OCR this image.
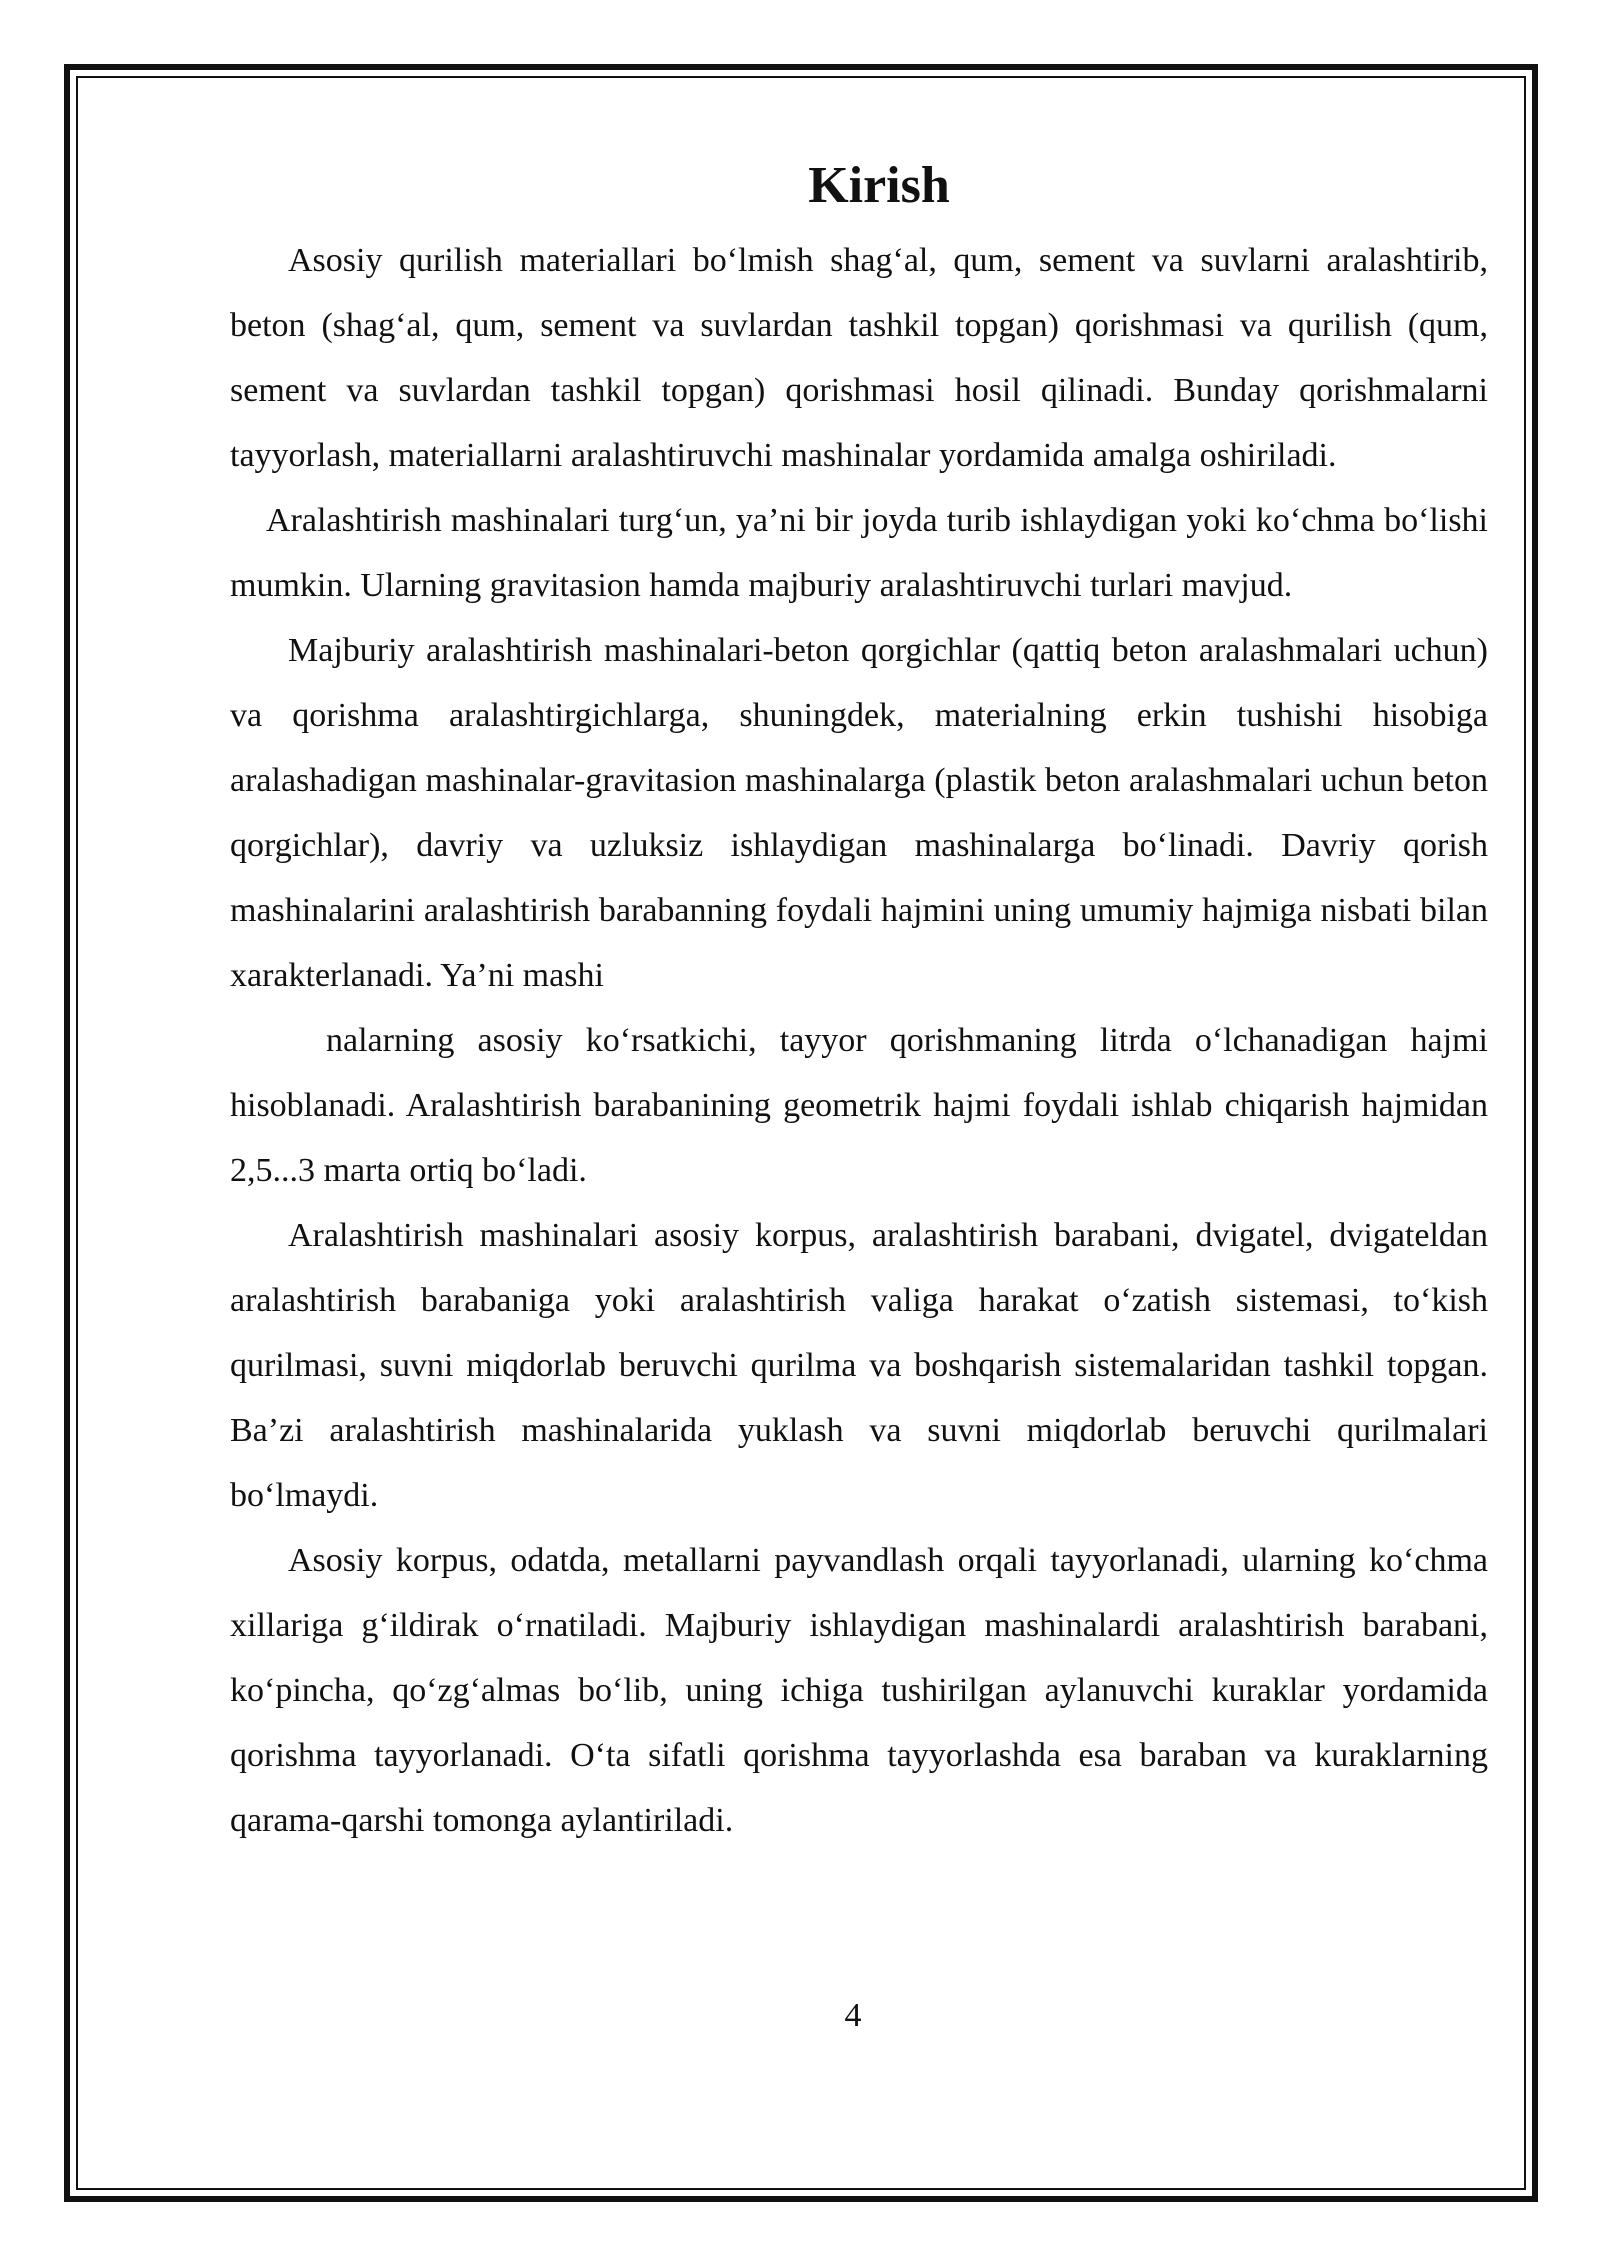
Kirish

Asosiy qurilish materiallari bo‘lmish shag‘al, qum, sement va suvlarni aralashtirib, beton (shag‘al, qum, sement va suvlardan tashkil topgan) qorishmasi va qurilish (qum, sement va suvlardan tashkil topgan) qorishmasi hosil qilinadi. Bunday qorishmalarni tayyorlash, materiallarni aralashtiruvchi mashinalar yordamida amalga oshiriladi.

Aralashtirish mashinalari turg‘un, ya’ni bir joyda turib ishlaydigan yoki ko‘chma bo‘lishi mumkin. Ularning gravitasion hamda majburiy aralashtiruvchi turlari mavjud.

Majburiy aralashtirish mashinalari-beton qorgichlar (qattiq beton aralashmalari uchun) va qorishma aralashtirgichlarga, shuningdek, materialning erkin tushishi hisobiga aralashadigan mashinalar-gravitasion mashinalarga (plastik beton aralashmalari uchun beton qorgichlar), davriy va uzluksiz ishlaydigan mashinalarga bo‘linadi. Davriy qorish mashinalarini aralashtirish barabanning foydali hajmini uning umumiy hajmiga nisbati bilan xarakterlanadi. Ya’ni mashi

nalarning asosiy ko‘rsatkichi, tayyor qorishmaning litrda o‘lchanadigan hajmi hisoblanadi. Aralashtirish barabanining geometrik hajmi foydali ishlab chiqarish hajmidan 2,5...3 marta ortiq bo‘ladi.

Aralashtirish mashinalari asosiy korpus, aralashtirish barabani, dvigatel, dvigateldan aralashtirish barabaniga yoki aralashtirish valiga harakat o‘zatish sistemasi, to‘kish qurilmasi, suvni miqdorlab beruvchi qurilma va boshqarish sistemalaridan tashkil topgan. Ba’zi aralashtirish mashinalarida yuklash va suvni miqdorlab beruvchi qurilmalari bo‘lmaydi.

Asosiy korpus, odatda, metallarni payvandlash orqali tayyorlanadi, ularning ko‘chma xillariga g‘ildirak o‘rnatiladi. Majburiy ishlaydigan mashinalardi aralashtirish barabani, ko‘pincha, qo‘zg‘almas bo‘lib, uning ichiga tushirilgan aylanuvchi kuraklar yordamida qorishma tayyorlanadi. O‘ta sifatli qorishma tayyorlashda esa baraban va kuraklarning qarama-qarshi tomonga aylantiriladi.

4
